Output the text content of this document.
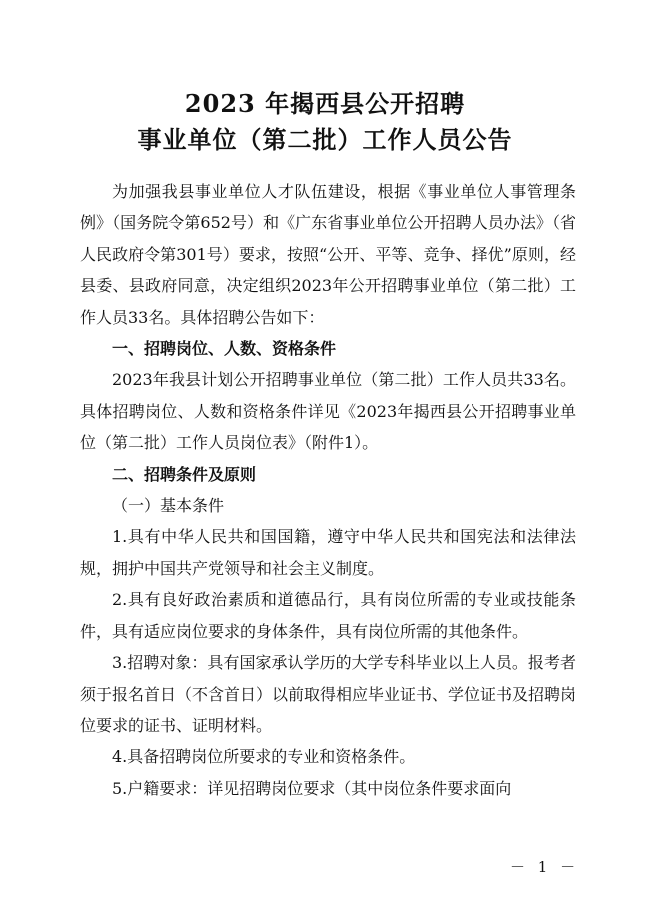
2023 年揭西县公开招聘
事业单位（第二批）工作人员公告

为加强我县事业单位人才队伍建设，根据《事业单位人事管理条例》（国务院令第652号）和《广东省事业单位公开招聘人员办法》（省人民政府令第301号）要求，按照“公开、平等、竞争、择优”原则，经县委、县政府同意，决定组织2023年公开招聘事业单位（第二批）工作人员33名。具体招聘公告如下：

一、招聘岗位、人数、资格条件

2023年我县计划公开招聘事业单位（第二批）工作人员共33名。具体招聘岗位、人数和资格条件详见《2023年揭西县公开招聘事业单位（第二批）工作人员岗位表》（附件1）。

二、招聘条件及原则

（一）基本条件

1.具有中华人民共和国国籍，遵守中华人民共和国宪法和法律法规，拥护中国共产党领导和社会主义制度。

2.具有良好政治素质和道德品行，具有岗位所需的专业或技能条件，具有适应岗位要求的身体条件，具有岗位所需的其他条件。

3.招聘对象：具有国家承认学历的大学专科毕业以上人员。报考者须于报名首日（不含首日）以前取得相应毕业证书、学位证书及招聘岗位要求的证书、证明材料。

4.具备招聘岗位所要求的专业和资格条件。

5.户籍要求：详见招聘岗位要求（其中岗位条件要求面向

－ 1 －
